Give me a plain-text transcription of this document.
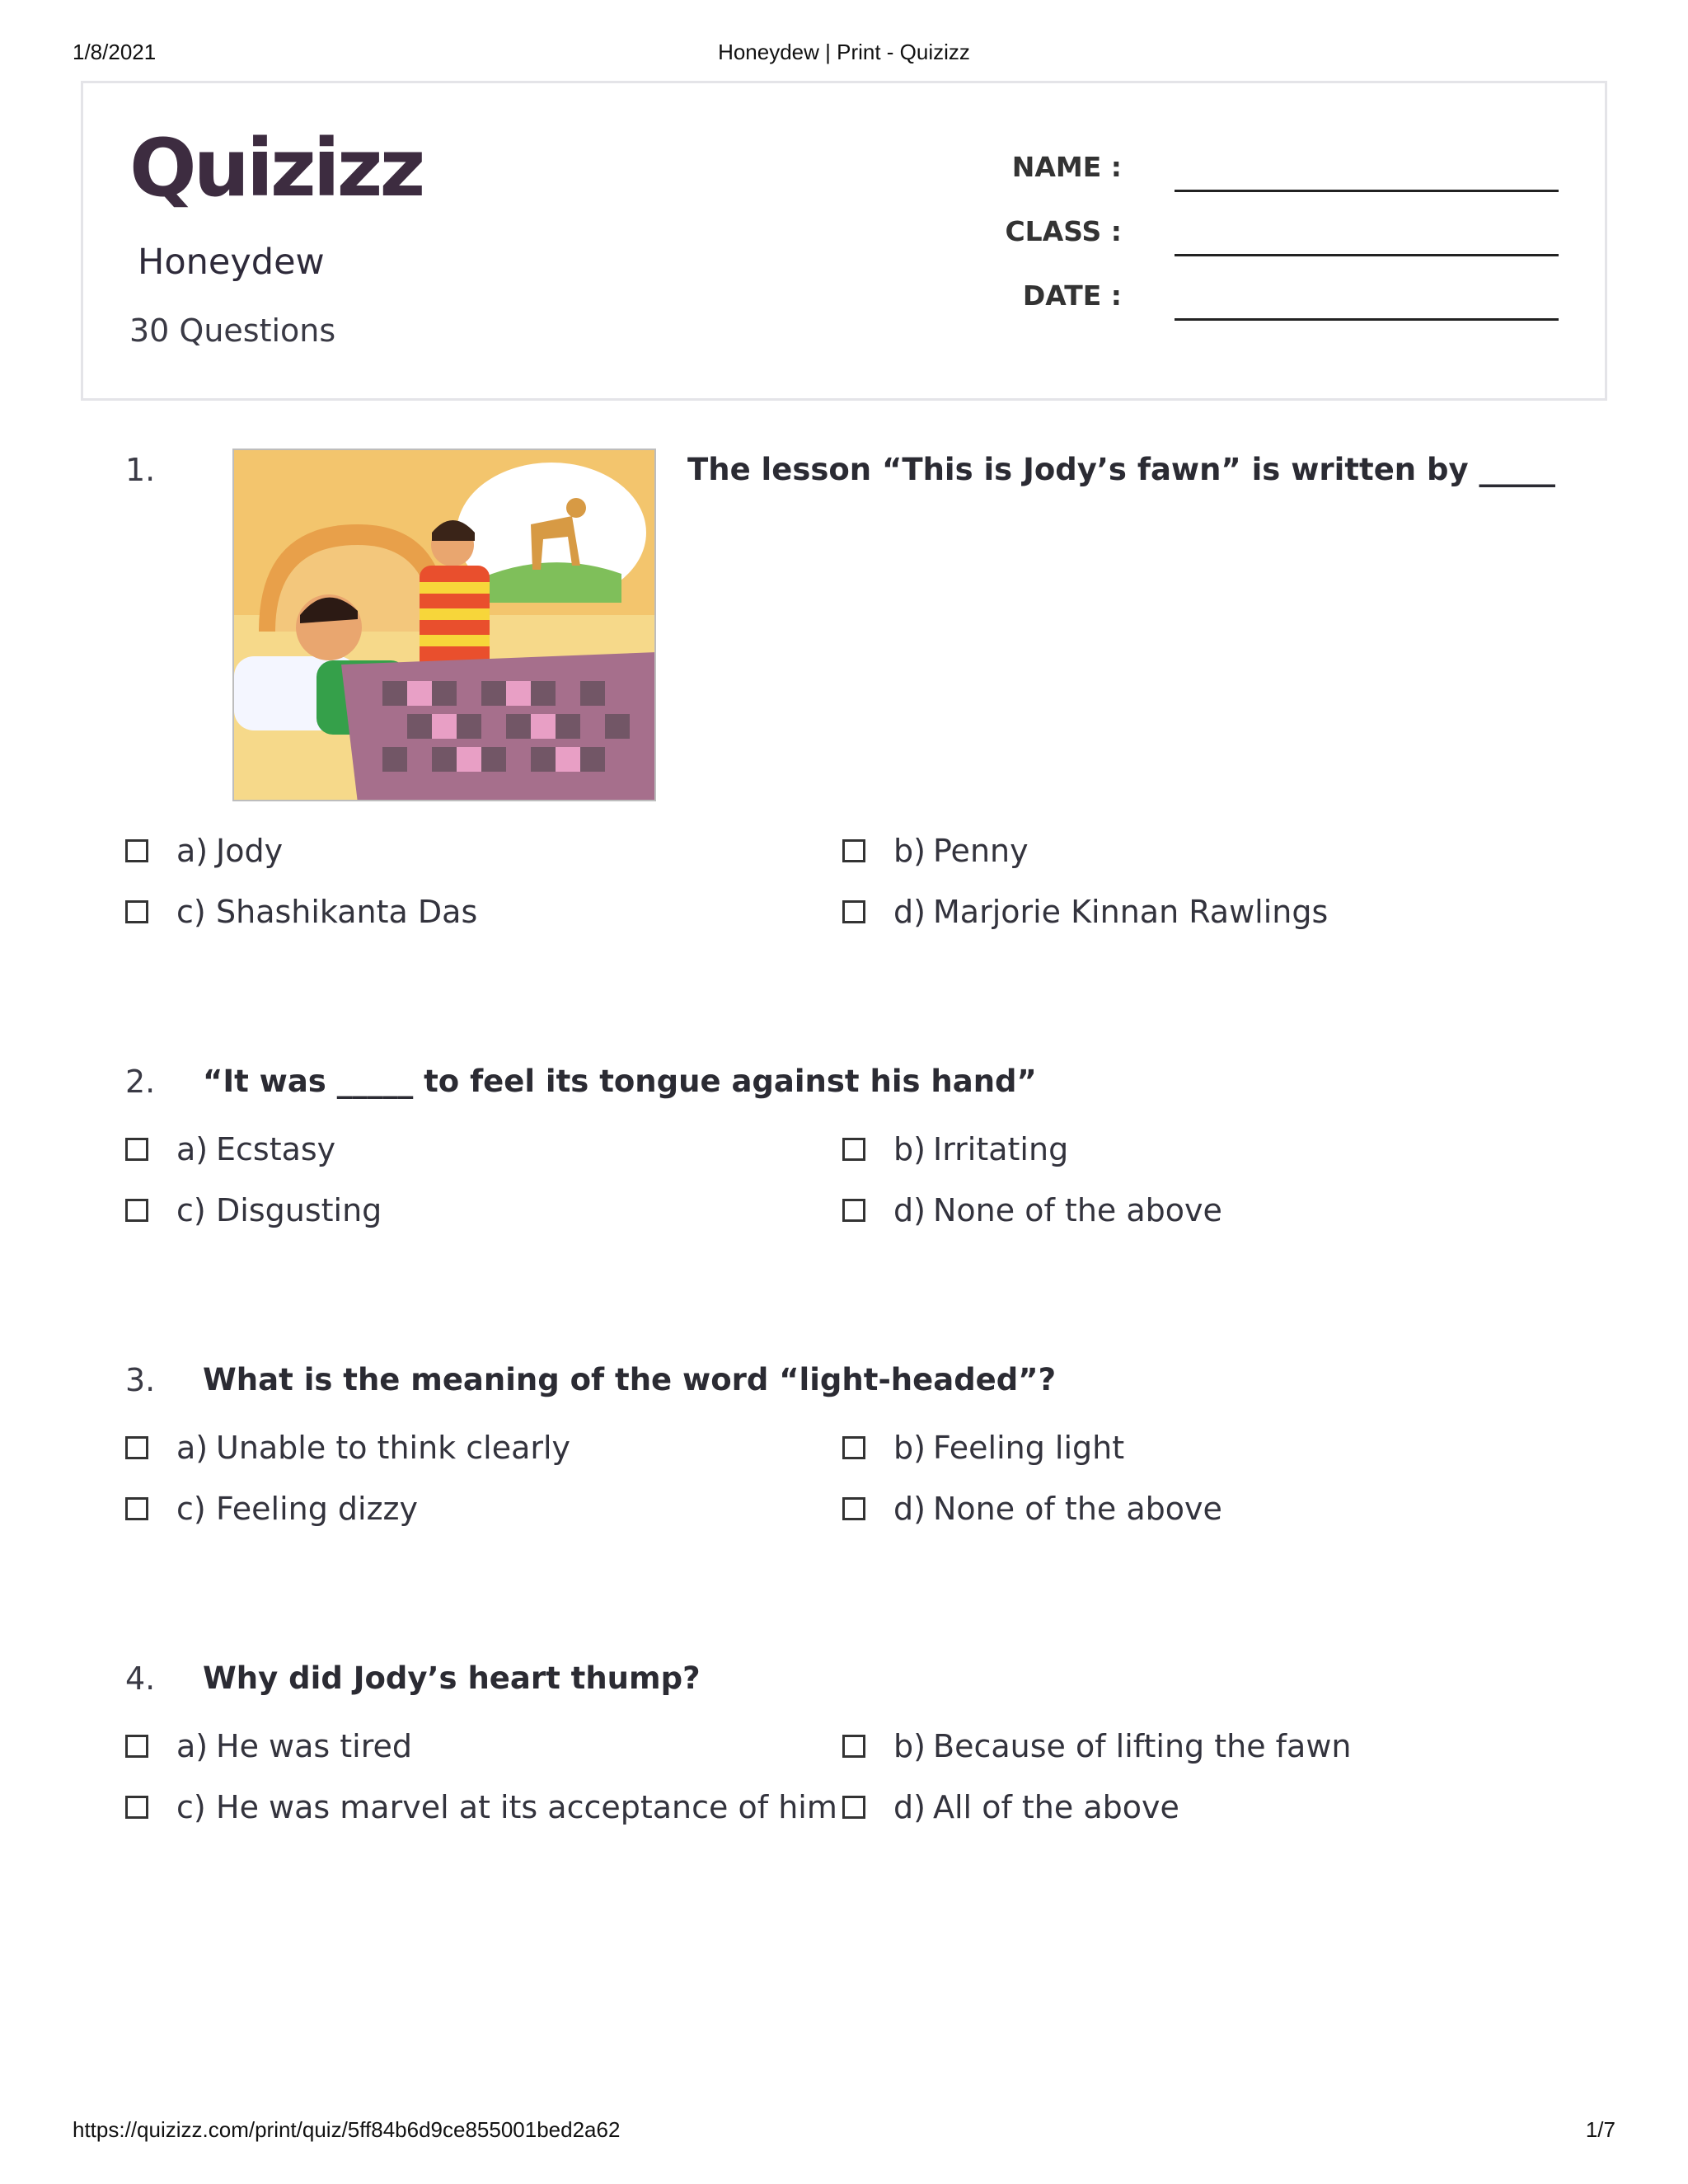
1/8/2021	Honeydew | Print - Quizizz
Quizizz
Honeydew
30 Questions
NAME :
CLASS :
DATE :
1.	The lesson “This is Jody’s fawn” is written by _____
a) Jody	b) Penny
c) Shashikanta Das	d) Marjorie Kinnan Rawlings
2. “It was _____ to feel its tongue against his hand”
a) Ecstasy	b) Irritating
c) Disgusting	d) None of the above
3. What is the meaning of the word “light-headed”?
a) Unable to think clearly	b) Feeling light
c) Feeling dizzy	d) None of the above
4. Why did Jody’s heart thump?
a) He was tired	b) Because of lifting the fawn
c) He was marvel at its acceptance of him d) All of the above
https://quizizz.com/print/quiz/5ff84b6d9ce855001bed2a62	1/7
